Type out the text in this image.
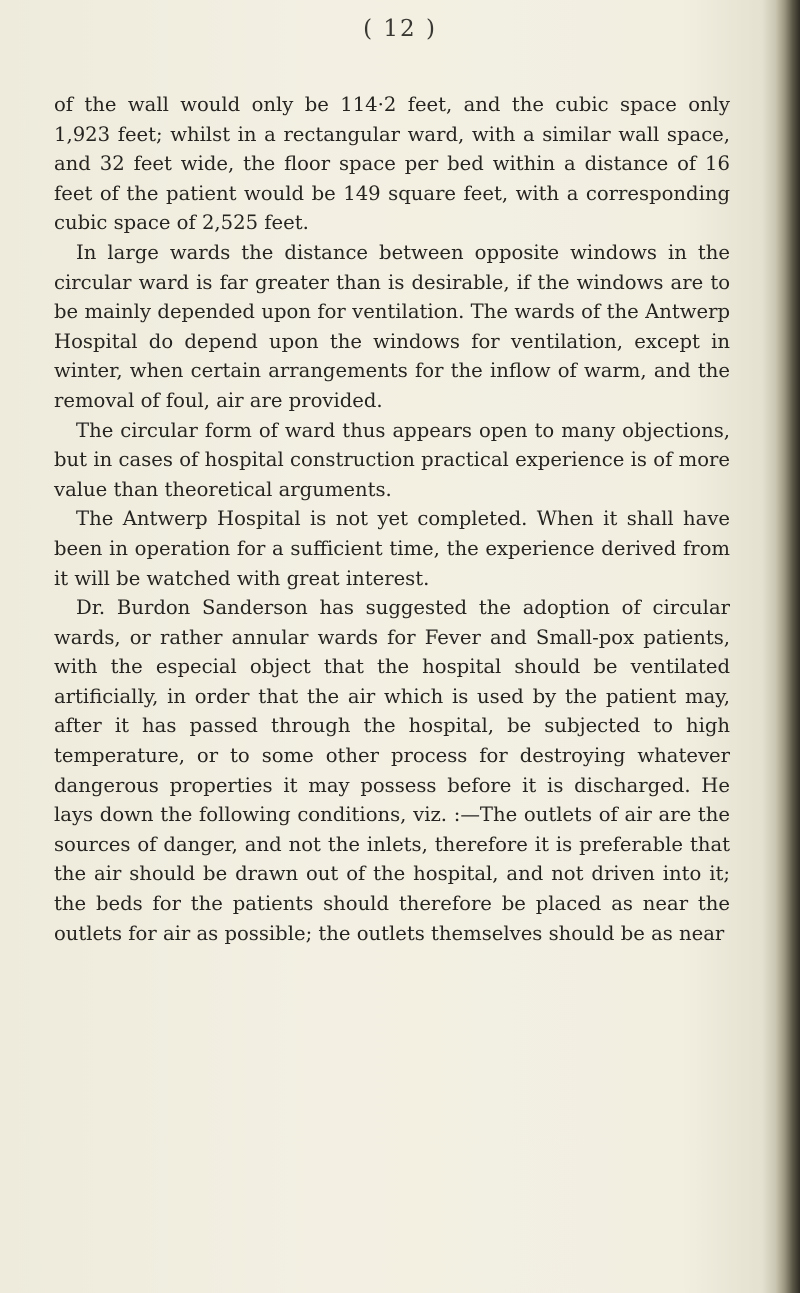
( 12 )

of the wall would only be 114·2 feet, and the cubic space only 1,923 feet; whilst in a rectangular ward, with a similar wall space, and 32 feet wide, the floor space per bed within a distance of 16 feet of the patient would be 149 square feet, with a corresponding cubic space of 2,525 feet.

In large wards the distance between opposite windows in the circular ward is far greater than is desirable, if the windows are to be mainly depended upon for ventilation. The wards of the Antwerp Hospital do depend upon the windows for ventilation, except in winter, when certain arrangements for the inflow of warm, and the removal of foul, air are provided.

The circular form of ward thus appears open to many objections, but in cases of hospital construction practical experience is of more value than theoretical arguments.

The Antwerp Hospital is not yet completed. When it shall have been in operation for a sufficient time, the experience derived from it will be watched with great interest.

Dr. Burdon Sanderson has suggested the adoption of circular wards, or rather annular wards for Fever and Small-pox patients, with the especial object that the hospital should be ventilated artificially, in order that the air which is used by the patient may, after it has passed through the hospital, be subjected to high temperature, or to some other process for destroying whatever dangerous properties it may possess before it is discharged. He lays down the following conditions, viz. :—The outlets of air are the sources of danger, and not the inlets, therefore it is preferable that the air should be drawn out of the hospital, and not driven into it; the beds for the patients should therefore be placed as near the outlets for air as possible; the outlets themselves should be as near
